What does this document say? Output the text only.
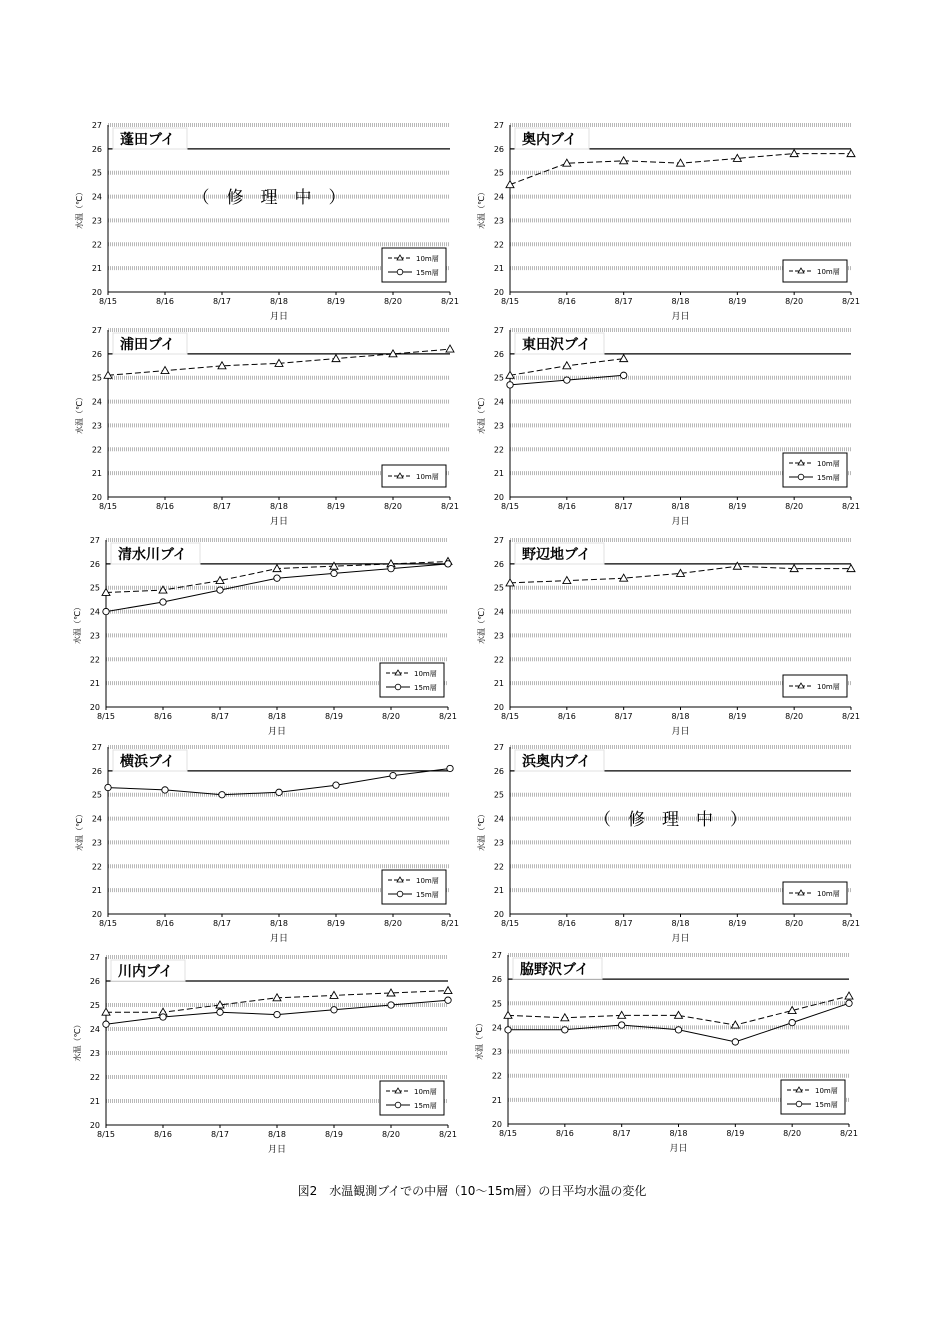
20
21
22
23
24
25
26
27
8/15	8/16	8/17	8/18	8/19	8/20	8/21
月日
水温（℃）
蓬田ブイ
（　修　理　中　）
10m層
15m層
20
21
22
23
24
25
26
27
8/15	8/16	8/17	8/18	8/19	8/20	8/21
月日
水温（℃）
奥内ブイ
10m層
20
21
22
23
24
25
26
27
8/15	8/16	8/17	8/18	8/19	8/20	8/21
月日
水温（℃）
浦田ブイ
10m層
20
21
22
23
24
25
26
27
8/15	8/16	8/17	8/18	8/19	8/20	8/21
月日
水温（℃）
東田沢ブイ
10m層
15m層
20
21
22
23
24
25
26
27
8/15	8/16	8/17	8/18	8/19	8/20	8/21
月日
水温（℃）
清水川ブイ
10m層
15m層
20
21
22
23
24
25
26
27
8/15	8/16	8/17	8/18	8/19	8/20	8/21
月日
水温（℃）
野辺地ブイ
10m層
20
21
22
23
24
25
26
27
8/15	8/16	8/17	8/18	8/19	8/20	8/21
月日
水温（℃）
横浜ブイ
10m層
15m層
20
21
22
23
24
25
26
27
8/15	8/16	8/17	8/18	8/19	8/20	8/21
月日
水温（℃）
浜奥内ブイ
（　修　理　中　）
10m層
20
21
22
23
24
25
26
27
8/15	8/16	8/17	8/18	8/19	8/20	8/21
月日
水温（℃）
川内ブイ
10m層
15m層
20
21
22
23
24
25
26
27
8/15	8/16	8/17	8/18	8/19	8/20	8/21
月日
水温（℃）
脇野沢ブイ
10m層
15m層
図2　水温観測ブイでの中層（10～15m層）の日平均水温の変化
